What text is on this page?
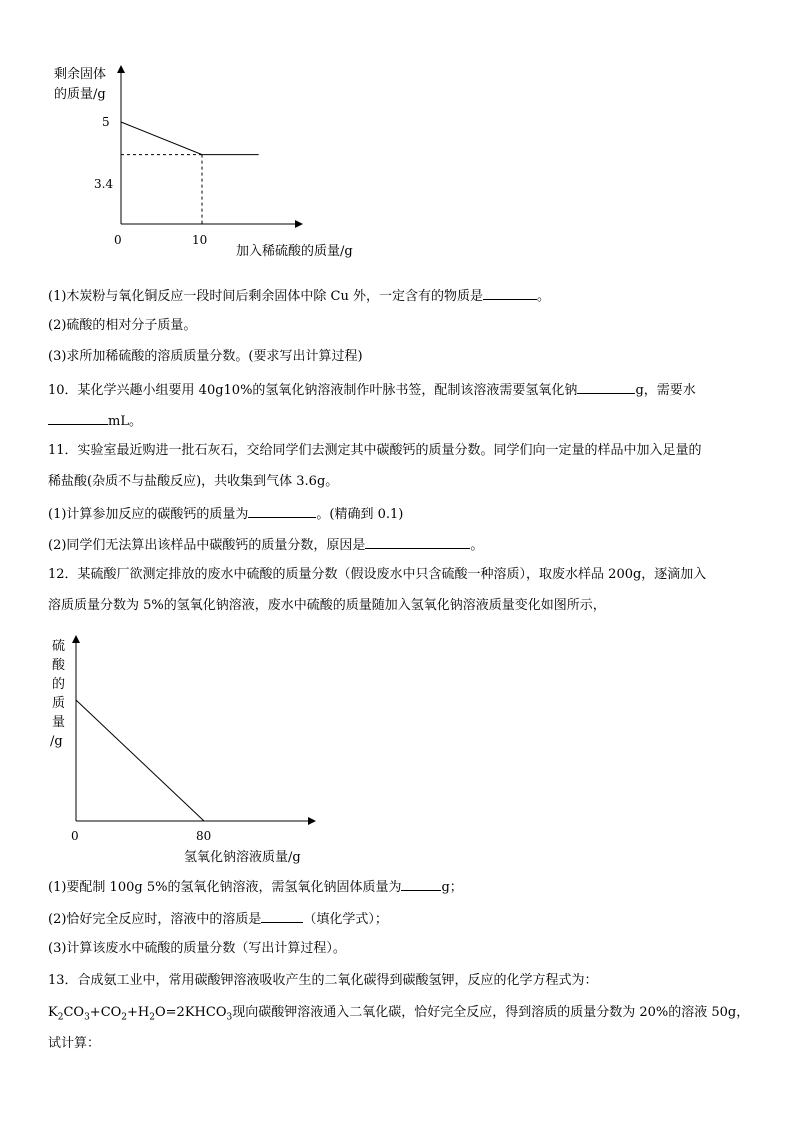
剩余固体
的质量/g
0	10
5
3.4
加入稀硫酸的质量/g
(1)木炭粉与氧化铜反应一段时间后剩余固体中除 Cu 外，一定含有的物质是	。
(2)硫酸的相对分子质量。
(3)求所加稀硫酸的溶质质量分数。(要求写出计算过程)
10．某化学兴趣小组要用 40g10%的氢氧化钠溶液制作叶脉书签，配制该溶液需要氢氧化钠	g，需要水
mL。
11．实验室最近购进一批石灰石，交给同学们去测定其中碳酸钙的质量分数。同学们向一定量的样品中加入足量的
稀盐酸(杂质不与盐酸反应)，共收集到气体 3.6g。
(1)计算参加反应的碳酸钙的质量为	。(精确到 0.1)
(2)同学们无法算出该样品中碳酸钙的质量分数，原因是	。
12．某硫酸厂欲测定排放的废水中硫酸的质量分数（假设废水中只含硫酸一种溶质），取废水样品 200g，逐滴加入
溶质质量分数为 5%的氢氧化钠溶液，废水中硫酸的质量随加入氢氧化钠溶液质量变化如图所示，
硫
酸
的
质
量
/g
0	80
氢氧化钠溶液质量/g
(1)要配制 100g 5%的氢氧化钠溶液，需氢氧化钠固体质量为	g；
(2)恰好完全反应时，溶液中的溶质是	（填化学式）；
(3)计算该废水中硫酸的质量分数（写出计算过程）。
13．合成氨工业中，常用碳酸钾溶液吸收产生的二氧化碳得到碳酸氢钾，反应的化学方程式为：
$K_2CO_3+CO_2+H_2O=2KHCO_3$现向碳酸钾溶液通入二氧化碳，恰好完全反应，得到溶质的质量分数为 20%的溶液 50g，
试计算：
